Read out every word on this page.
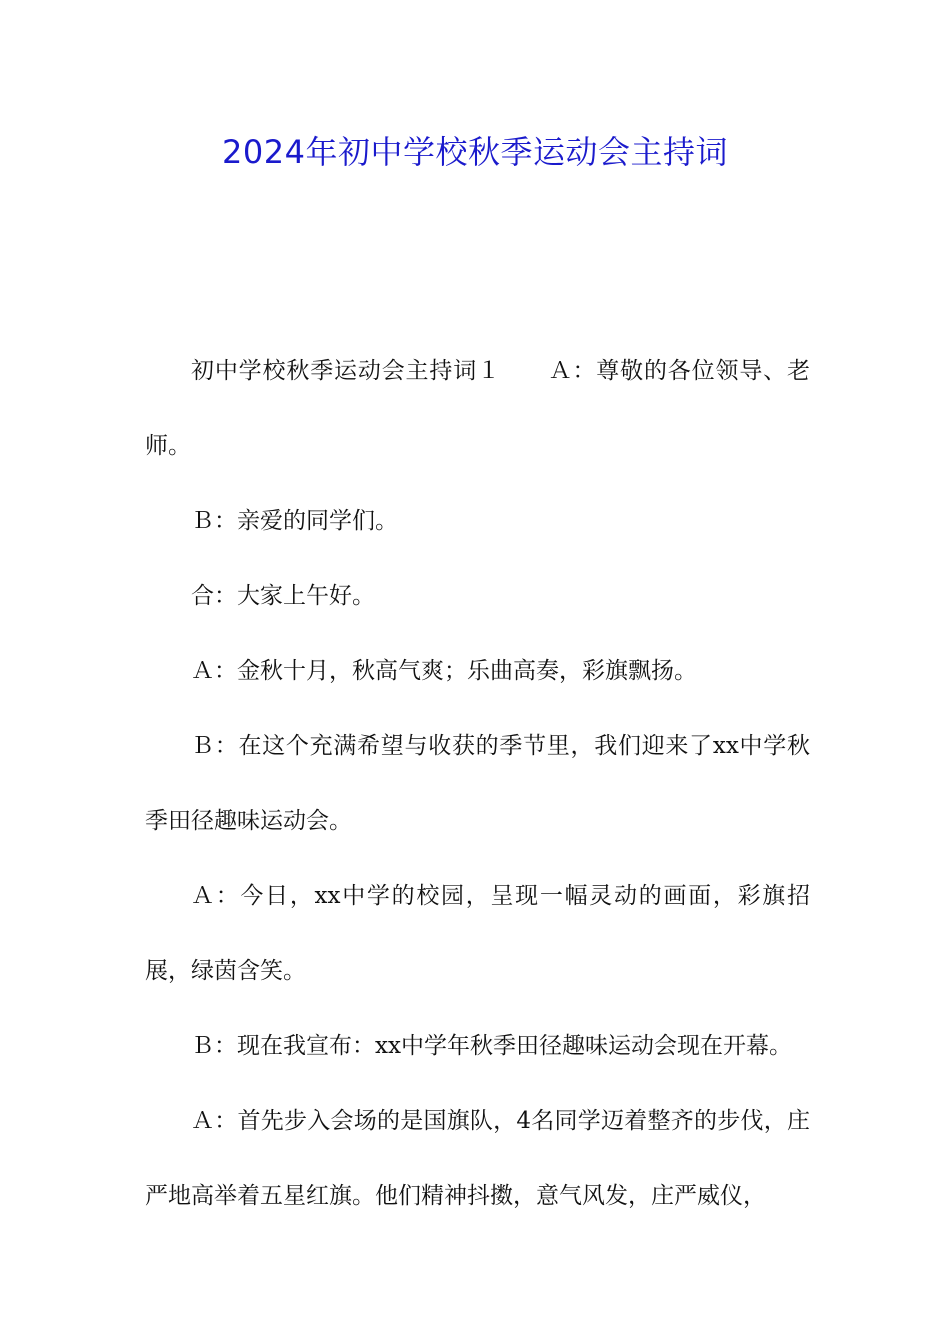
2024年初中学校秋季运动会主持词

初中学校秋季运动会主持词１　　Ａ：尊敬的各位领导、老师。

Ｂ：亲爱的同学们。

合：大家上午好。

Ａ：金秋十月，秋高气爽；乐曲高奏，彩旗飘扬。

Ｂ：在这个充满希望与收获的季节里，我们迎来了xx中学秋季田径趣味运动会。

Ａ：今日，xx中学的校园，呈现一幅灵动的画面，彩旗招展，绿茵含笑。

Ｂ：现在我宣布：xx中学年秋季田径趣味运动会现在开幕。

Ａ：首先步入会场的是国旗队，4名同学迈着整齐的步伐，庄严地高举着五星红旗。他们精神抖擞，意气风发，庄严威仪，
